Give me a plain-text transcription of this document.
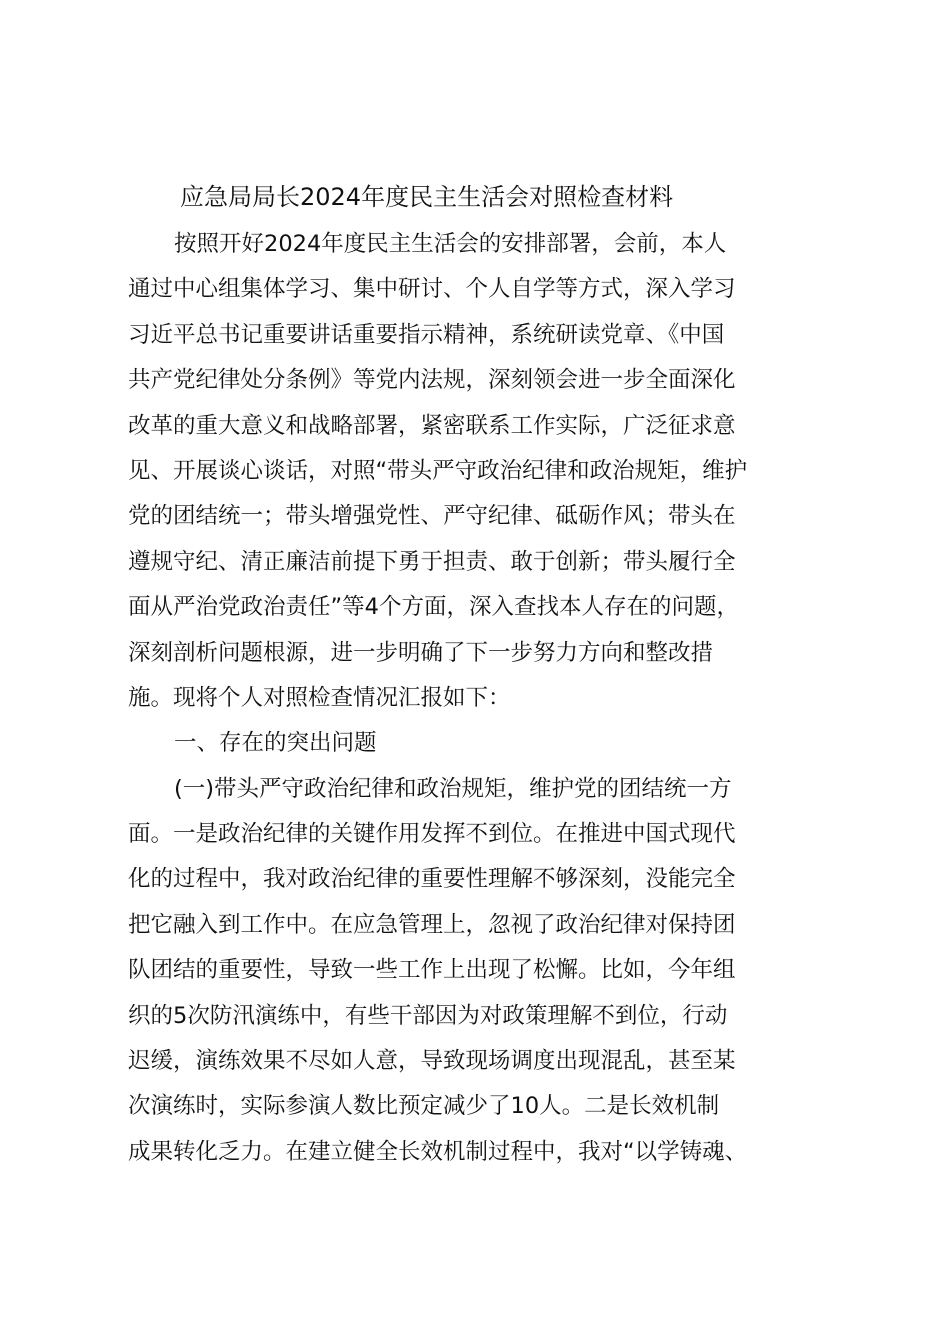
应急局局长2024年度民主生活会对照检查材料

按照开好2024年度民主生活会的安排部署，会前，本人

通过中心组集体学习、集中研讨、个人自学等方式，深入学习

习近平总书记重要讲话重要指示精神，系统研读党章、《中国

共产党纪律处分条例》等党内法规，深刻领会进一步全面深化

改革的重大意义和战略部署，紧密联系工作实际，广泛征求意

见、开展谈心谈话，对照“带头严守政治纪律和政治规矩，维护

党的团结统一；带头增强党性、严守纪律、砥砺作风；带头在

遵规守纪、清正廉洁前提下勇于担责、敢于创新；带头履行全

面从严治党政治责任”等4个方面，深入查找本人存在的问题，

深刻剖析问题根源，进一步明确了下一步努力方向和整改措

施。现将个人对照检查情况汇报如下：

一、存在的突出问题

(一)带头严守政治纪律和政治规矩，维护党的团结统一方

面。一是政治纪律的关键作用发挥不到位。在推进中国式现代

化的过程中，我对政治纪律的重要性理解不够深刻，没能完全

把它融入到工作中。在应急管理上，忽视了政治纪律对保持团

队团结的重要性，导致一些工作上出现了松懈。比如，今年组

织的5次防汛演练中，有些干部因为对政策理解不到位，行动

迟缓，演练效果不尽如人意，导致现场调度出现混乱，甚至某

次演练时，实际参演人数比预定减少了10人。二是长效机制

成果转化乏力。在建立健全长效机制过程中，我对“以学铸魂、
